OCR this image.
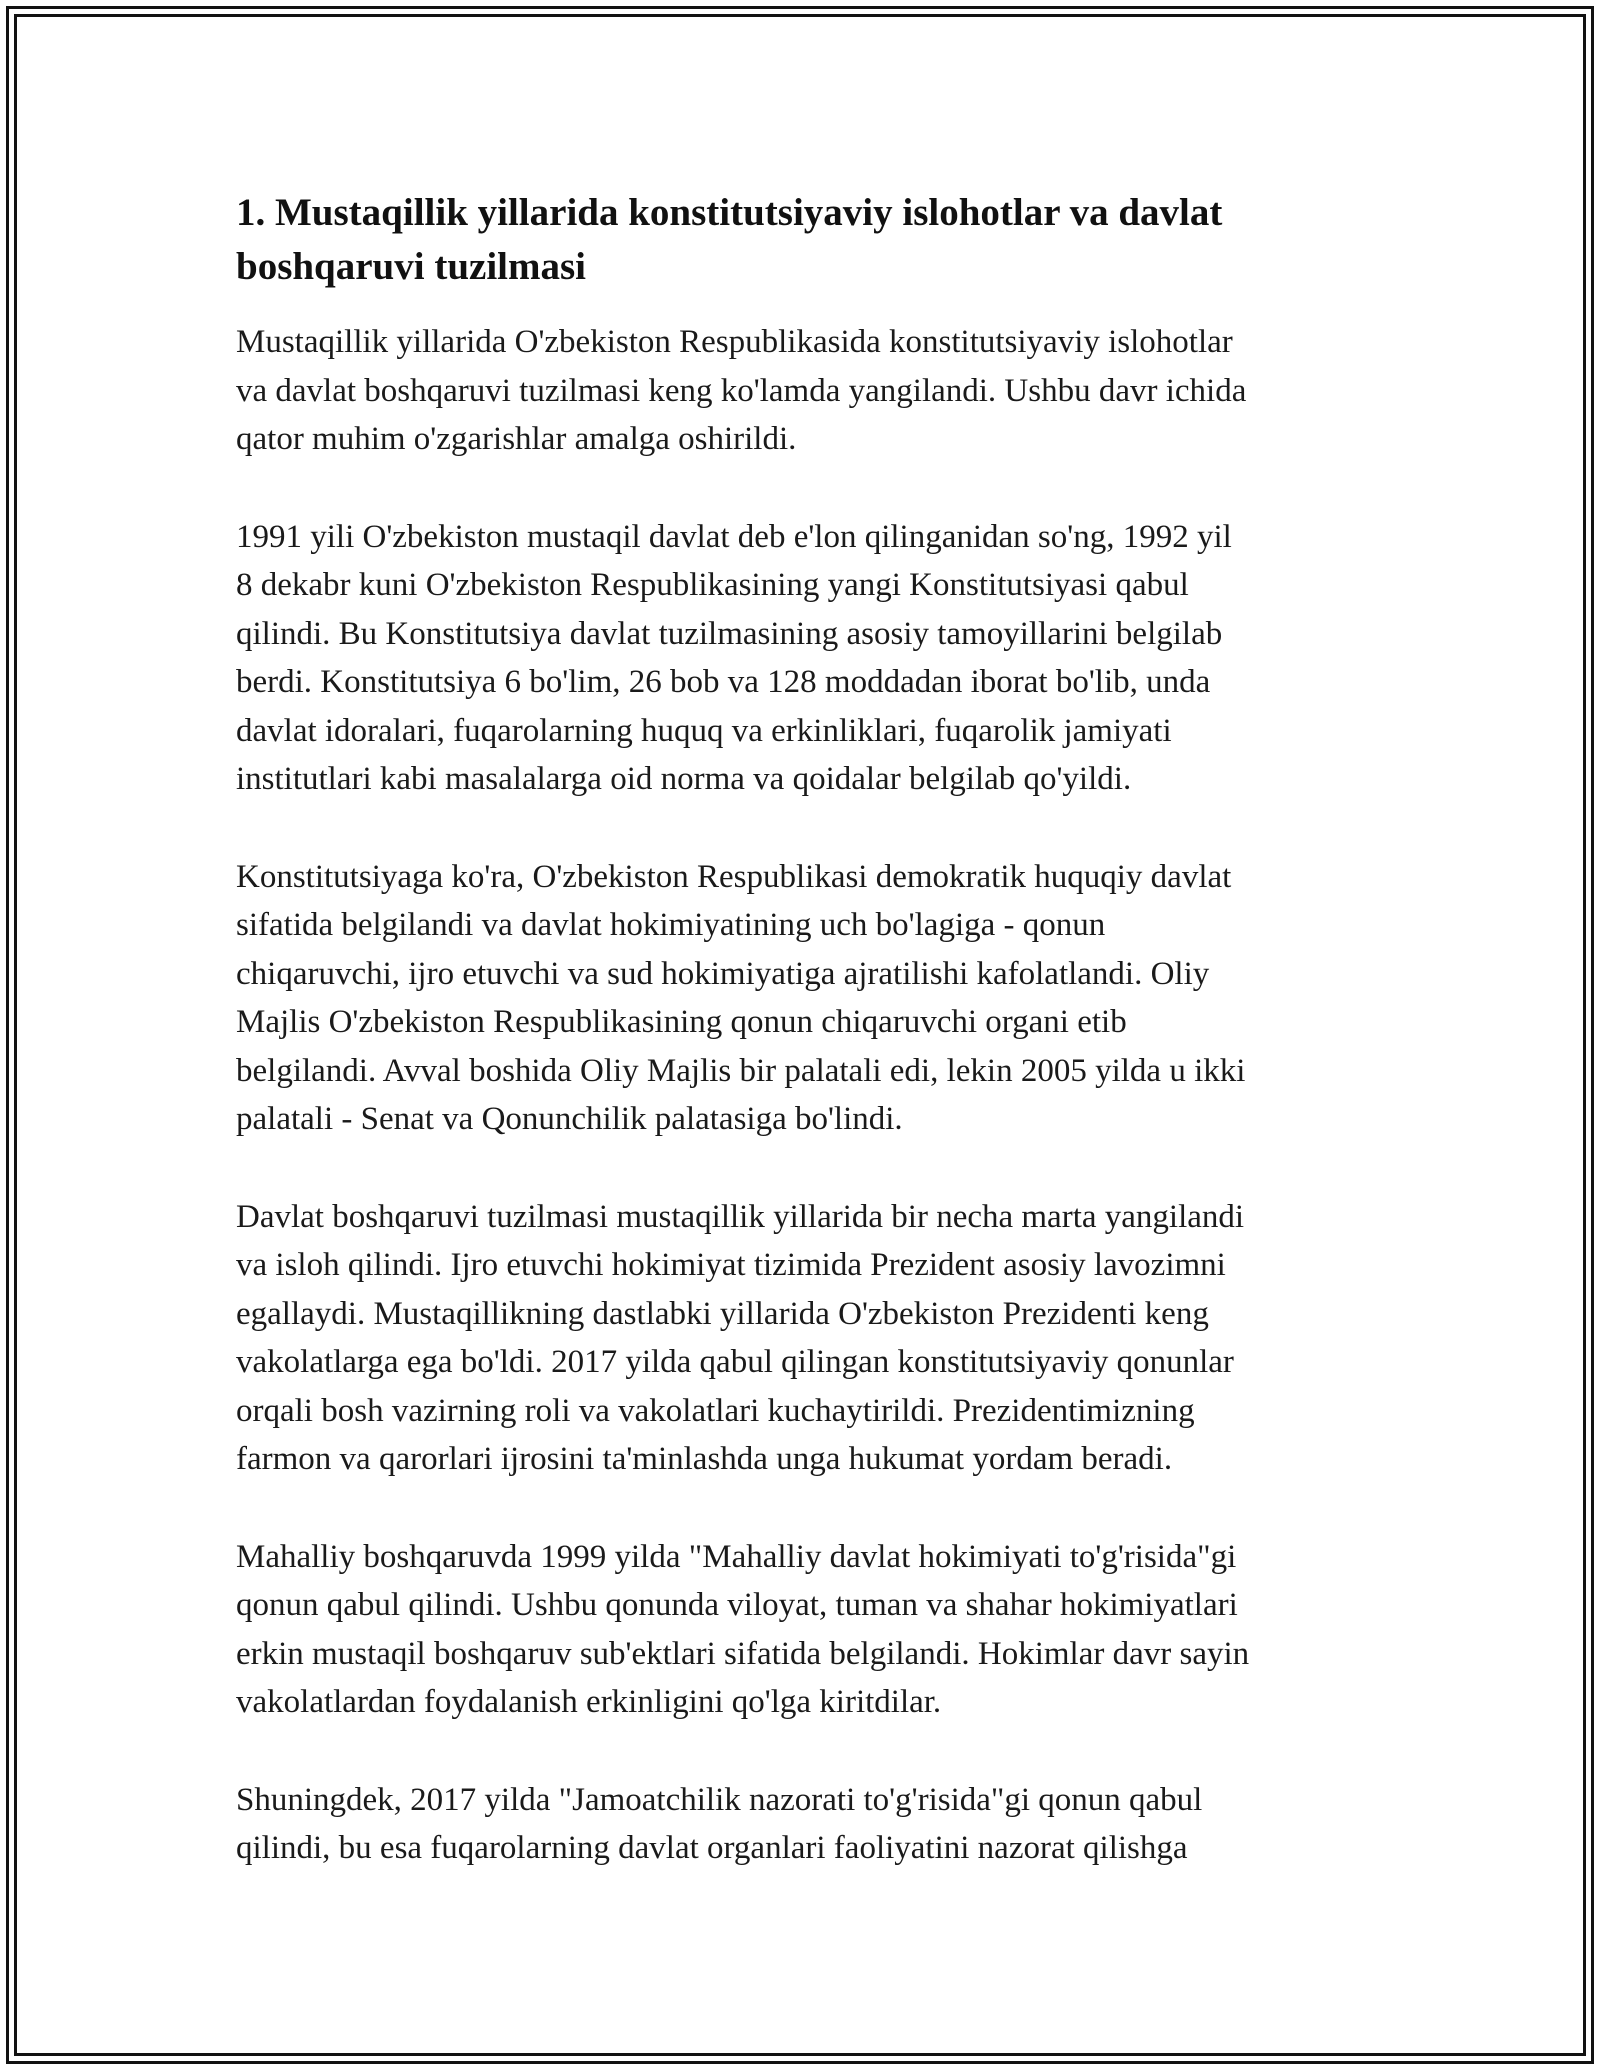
1. Mustaqillik yillarida konstitutsiyaviy islohotlar va davlat
boshqaruvi tuzilmasi

Mustaqillik yillarida O'zbekiston Respublikasida konstitutsiyaviy islohotlar
va davlat boshqaruvi tuzilmasi keng ko'lamda yangilandi. Ushbu davr ichida
qator muhim o'zgarishlar amalga oshirildi.

1991 yili O'zbekiston mustaqil davlat deb e'lon qilinganidan so'ng, 1992 yil
8 dekabr kuni O'zbekiston Respublikasining yangi Konstitutsiyasi qabul
qilindi. Bu Konstitutsiya davlat tuzilmasining asosiy tamoyillarini belgilab
berdi. Konstitutsiya 6 bo'lim, 26 bob va 128 moddadan iborat bo'lib, unda
davlat idoralari, fuqarolarning huquq va erkinliklari, fuqarolik jamiyati
institutlari kabi masalalarga oid norma va qoidalar belgilab qo'yildi.

Konstitutsiyaga ko'ra, O'zbekiston Respublikasi demokratik huquqiy davlat
sifatida belgilandi va davlat hokimiyatining uch bo'lagiga - qonun
chiqaruvchi, ijro etuvchi va sud hokimiyatiga ajratilishi kafolatlandi. Oliy
Majlis O'zbekiston Respublikasining qonun chiqaruvchi organi etib
belgilandi. Avval boshida Oliy Majlis bir palatali edi, lekin 2005 yilda u ikki
palatali - Senat va Qonunchilik palatasiga bo'lindi.

Davlat boshqaruvi tuzilmasi mustaqillik yillarida bir necha marta yangilandi
va isloh qilindi. Ijro etuvchi hokimiyat tizimida Prezident asosiy lavozimni
egallaydi. Mustaqillikning dastlabki yillarida O'zbekiston Prezidenti keng
vakolatlarga ega bo'ldi. 2017 yilda qabul qilingan konstitutsiyaviy qonunlar
orqali bosh vazirning roli va vakolatlari kuchaytirildi. Prezidentimizning
farmon va qarorlari ijrosini ta'minlashda unga hukumat yordam beradi.

Mahalliy boshqaruvda 1999 yilda "Mahalliy davlat hokimiyati to'g'risida"gi
qonun qabul qilindi. Ushbu qonunda viloyat, tuman va shahar hokimiyatlari
erkin mustaqil boshqaruv sub'ektlari sifatida belgilandi. Hokimlar davr sayin
vakolatlardan foydalanish erkinligini qo'lga kiritdilar.

Shuningdek, 2017 yilda "Jamoatchilik nazorati to'g'risida"gi qonun qabul
qilindi, bu esa fuqarolarning davlat organlari faoliyatini nazorat qilishga
